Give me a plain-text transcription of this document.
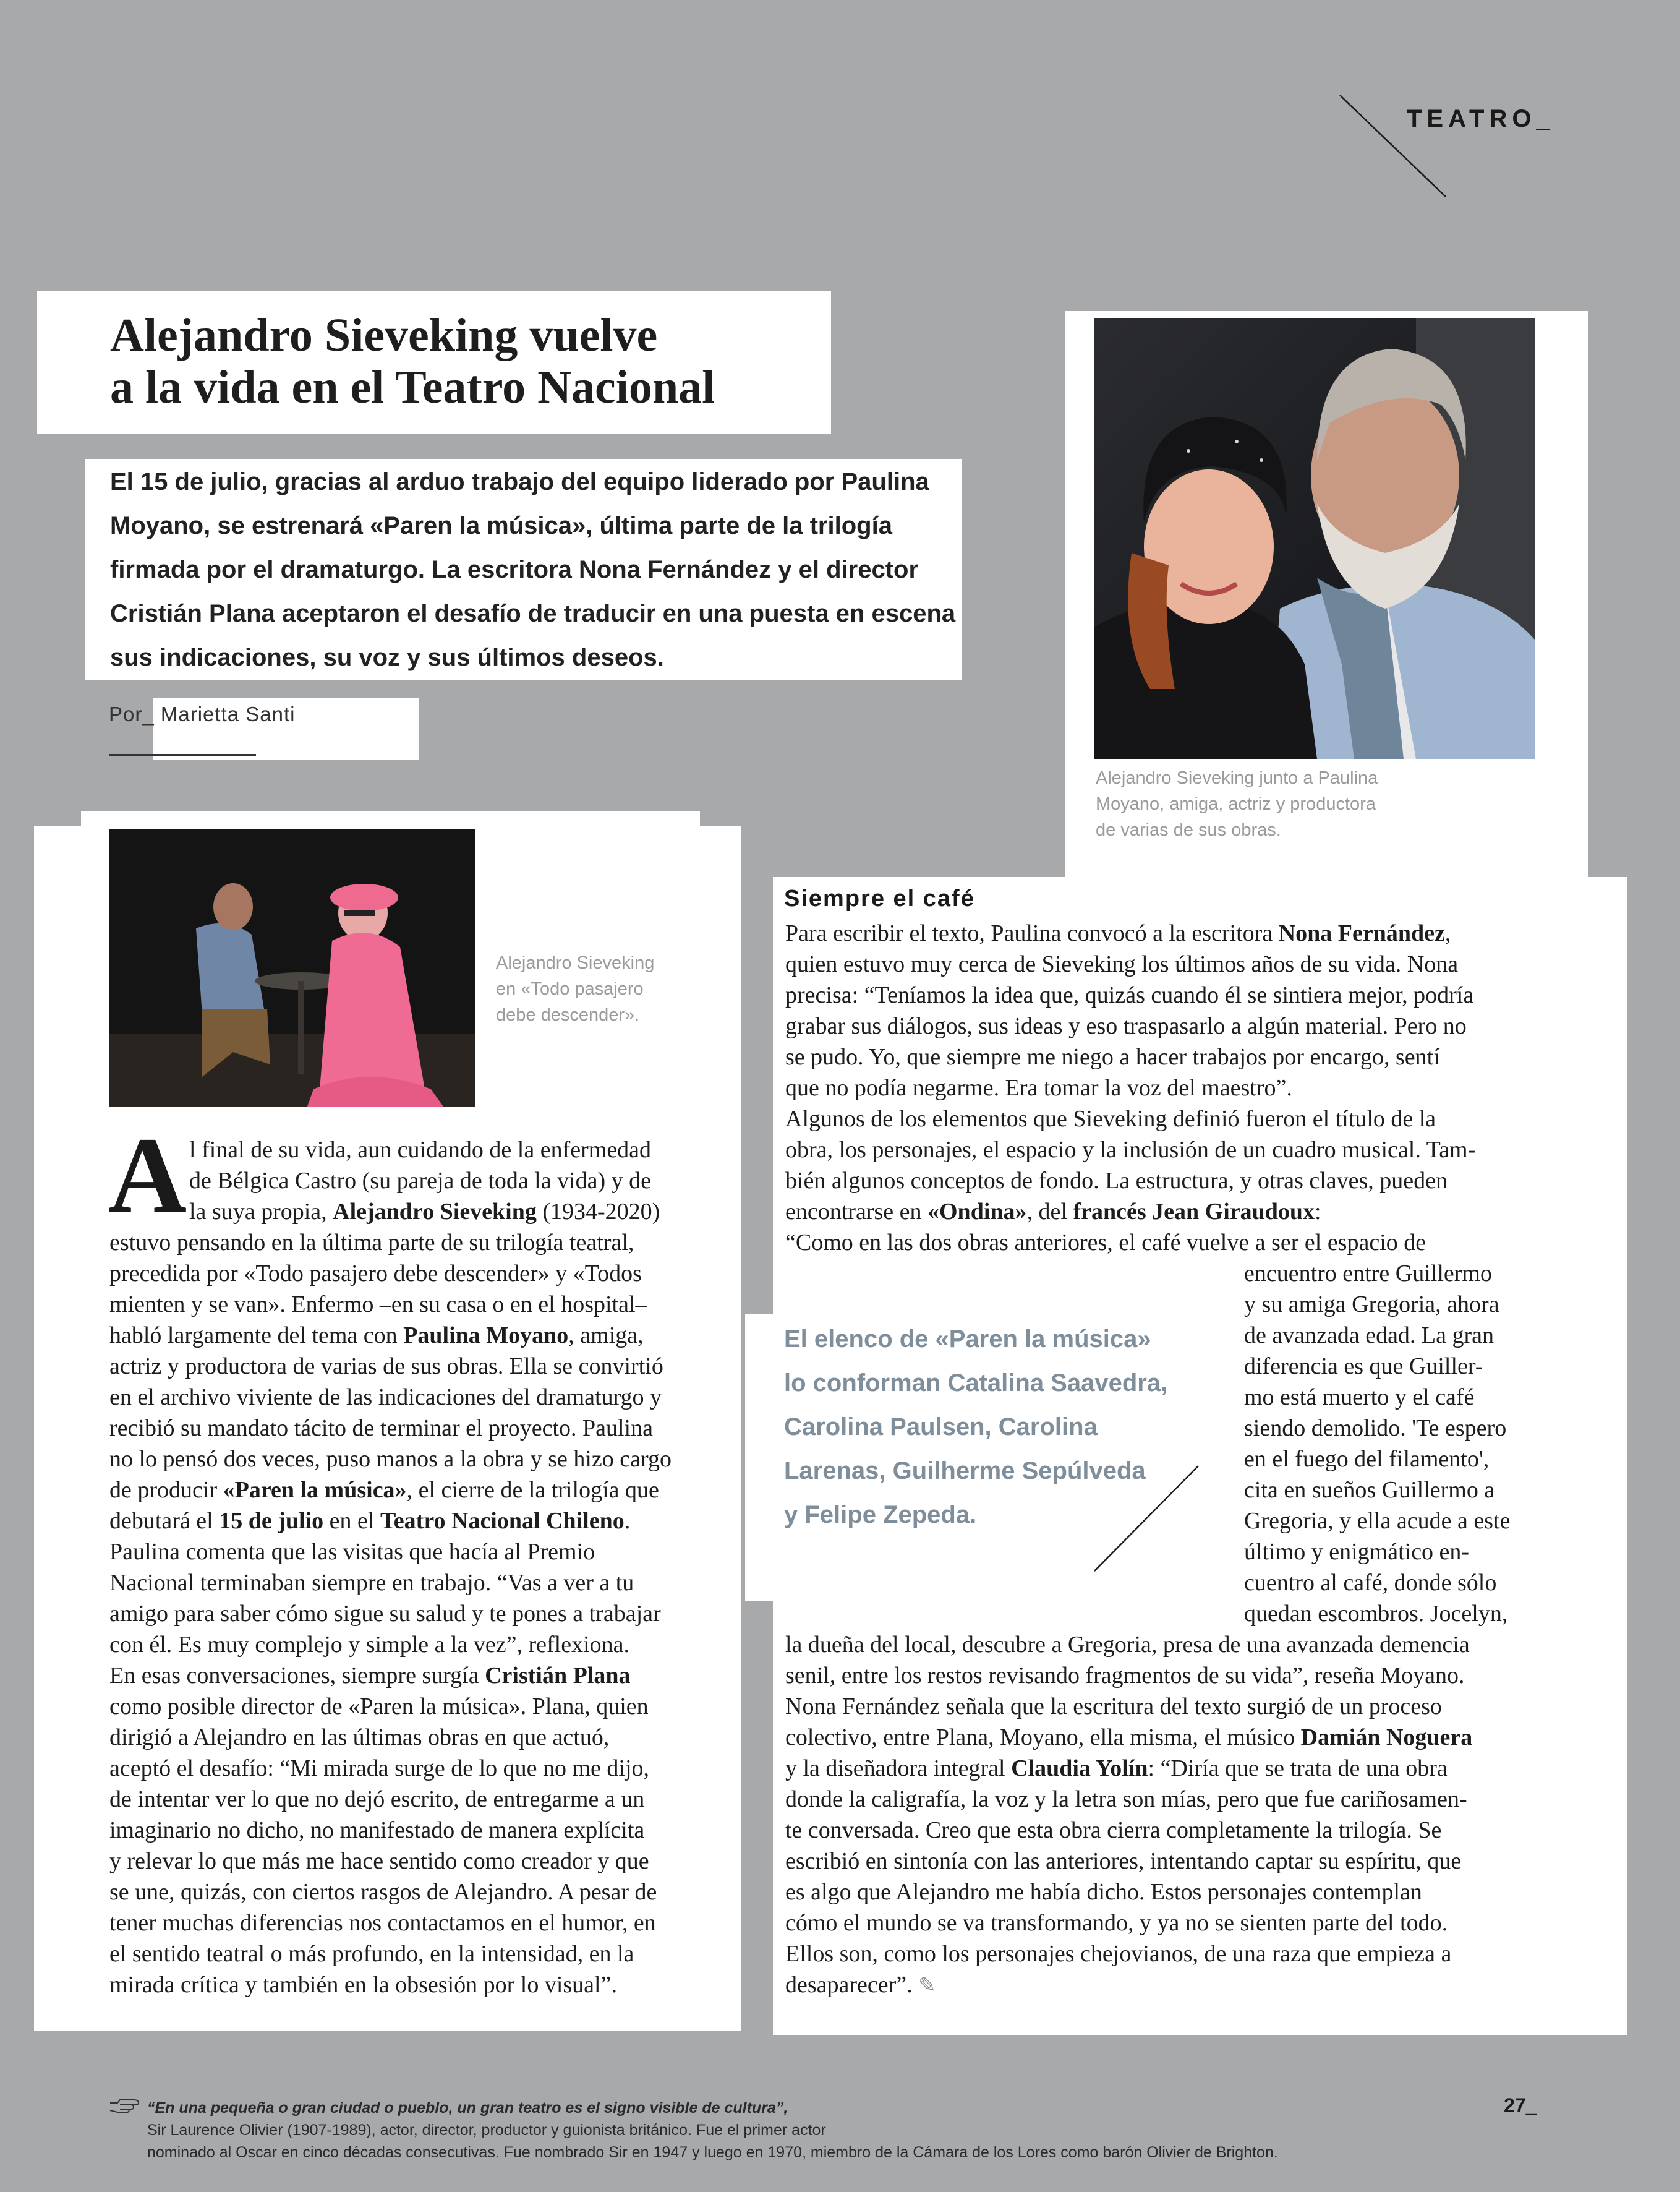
TEATRO_
Alejandro Sieveking vuelve
a la vida en el Teatro Nacional
El 15 de julio, gracias al arduo trabajo del equipo liderado por Paulina
Moyano, se estrenará «Paren la música», última parte de la trilogía
firmada por el dramaturgo. La escritora Nona Fernández y el director
Cristián Plana aceptaron el desafío de traducir en una puesta en escena
sus indicaciones, su voz y sus últimos deseos.
Por_ Marietta Santi
Alejandro Sieveking junto a Paulina
Moyano, amiga, actriz y productora
de varias de sus obras.
Alejandro Sieveking
en «Todo pasajero
debe descender».
A l final de su vida, aun cuidando de la enfermedad
de Bélgica Castro (su pareja de toda la vida) y de
la suya propia, Alejandro Sieveking (1934-2020)
estuvo pensando en la última parte de su trilogía teatral,
precedida por «Todo pasajero debe descender» y «Todos
mienten y se van». Enfermo –en su casa o en el hospital–
habló largamente del tema con Paulina Moyano, amiga,
actriz y productora de varias de sus obras. Ella se convirtió
en el archivo viviente de las indicaciones del dramaturgo y
recibió su mandato tácito de terminar el proyecto. Paulina
no lo pensó dos veces, puso manos a la obra y se hizo cargo
de producir «Paren la música», el cierre de la trilogía que
debutará el 15 de julio en el Teatro Nacional Chileno.
Paulina comenta que las visitas que hacía al Premio
Nacional terminaban siempre en trabajo. “Vas a ver a tu
amigo para saber cómo sigue su salud y te pones a trabajar
con él. Es muy complejo y simple a la vez”, reflexiona.
En esas conversaciones, siempre surgía Cristián Plana
como posible director de «Paren la música». Plana, quien
dirigió a Alejandro en las últimas obras en que actuó,
aceptó el desafío: “Mi mirada surge de lo que no me dijo,
de intentar ver lo que no dejó escrito, de entregarme a un
imaginario no dicho, no manifestado de manera explícita
y relevar lo que más me hace sentido como creador y que
se une, quizás, con ciertos rasgos de Alejandro. A pesar de
tener muchas diferencias nos contactamos en el humor, en
el sentido teatral o más profundo, en la intensidad, en la
mirada crítica y también en la obsesión por lo visual”.
Siempre el café
Para escribir el texto, Paulina convocó a la escritora Nona Fernández,
quien estuvo muy cerca de Sieveking los últimos años de su vida. Nona
precisa: “Teníamos la idea que, quizás cuando él se sintiera mejor, podría
grabar sus diálogos, sus ideas y eso traspasarlo a algún material. Pero no
se pudo. Yo, que siempre me niego a hacer trabajos por encargo, sentí
que no podía negarme. Era tomar la voz del maestro”.
Algunos de los elementos que Sieveking definió fueron el título de la
obra, los personajes, el espacio y la inclusión de un cuadro musical. Tam-
bién algunos conceptos de fondo. La estructura, y otras claves, pueden
encontrarse en «Ondina», del francés Jean Giraudoux:
“Como en las dos obras anteriores, el café vuelve a ser el espacio de
encuentro entre Guillermo
y su amiga Gregoria, ahora
de avanzada edad. La gran
diferencia es que Guiller-
mo está muerto y el café
siendo demolido. 'Te espero
en el fuego del filamento',
cita en sueños Guillermo a
Gregoria, y ella acude a este
último y enigmático en-
cuentro al café, donde sólo
quedan escombros. Jocelyn,
El elenco de «Paren la música»
lo conforman Catalina Saavedra,
Carolina Paulsen, Carolina
Larenas, Guilherme Sepúlveda
y Felipe Zepeda.
la dueña del local, descubre a Gregoria, presa de una avanzada demencia
senil, entre los restos revisando fragmentos de su vida”, reseña Moyano.
Nona Fernández señala que la escritura del texto surgió de un proceso
colectivo, entre Plana, Moyano, ella misma, el músico Damián Noguera
y la diseñadora integral Claudia Yolín: “Diría que se trata de una obra
donde la caligrafía, la voz y la letra son mías, pero que fue cariñosamen-
te conversada. Creo que esta obra cierra completamente la trilogía. Se
escribió en sintonía con las anteriores, intentando captar su espíritu, que
es algo que Alejandro me había dicho. Estos personajes contemplan
cómo el mundo se va transformando, y ya no se sienten parte del todo.
Ellos son, como los personajes chejovianos, de una raza que empieza a
desaparecer”. ✎
“En una pequeña o gran ciudad o pueblo, un gran teatro es el signo visible de cultura”,
Sir Laurence Olivier (1907-1989), actor, director, productor y guionista británico. Fue el primer actor
nominado al Oscar en cinco décadas consecutivas. Fue nombrado Sir en 1947 y luego en 1970, miembro de la Cámara de los Lores como barón Olivier de Brighton.
27_
